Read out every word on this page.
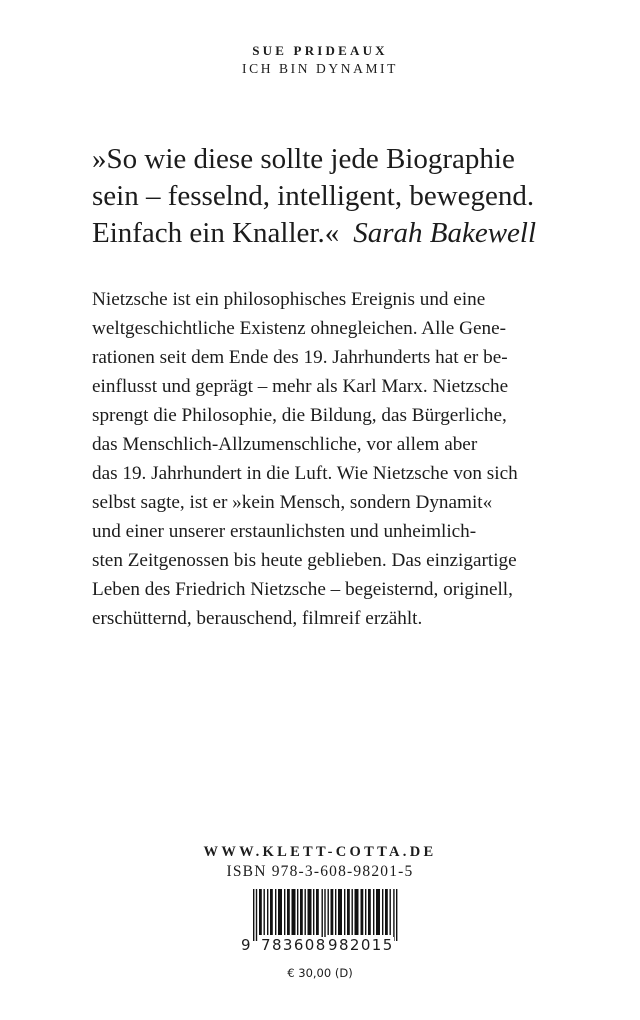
SUE PRIDEAUX
ICH BIN DYNAMIT
»So wie diese sollte jede Biographie
sein – fesselnd, intelligent, bewegend.
Einfach ein Knaller.« Sarah Bakewell
Nietzsche ist ein philosophisches Ereignis und eine
weltgeschichtliche Existenz ohnegleichen. Alle Gene-
rationen seit dem Ende des 19. Jahrhunderts hat er be-
einflusst und geprägt – mehr als Karl Marx. Nietzsche
sprengt die Philosophie, die Bildung, das Bürgerliche,
das Menschlich-Allzumenschliche, vor allem aber
das 19. Jahrhundert in die Luft. Wie Nietzsche von sich
selbst sagte, ist er »kein Mensch, sondern Dynamit«
und einer unserer erstaunlichsten und unheimlich-
sten Zeitgenossen bis heute geblieben. Das einzigartige
Leben des Friedrich Nietzsche – begeisternd, originell,
erschütternd, berauschend, filmreif erzählt.
WWW.KLETT-COTTA.DE
ISBN 978-3-608-98201-5
9 783608 982015
€ 30,00 (D)
